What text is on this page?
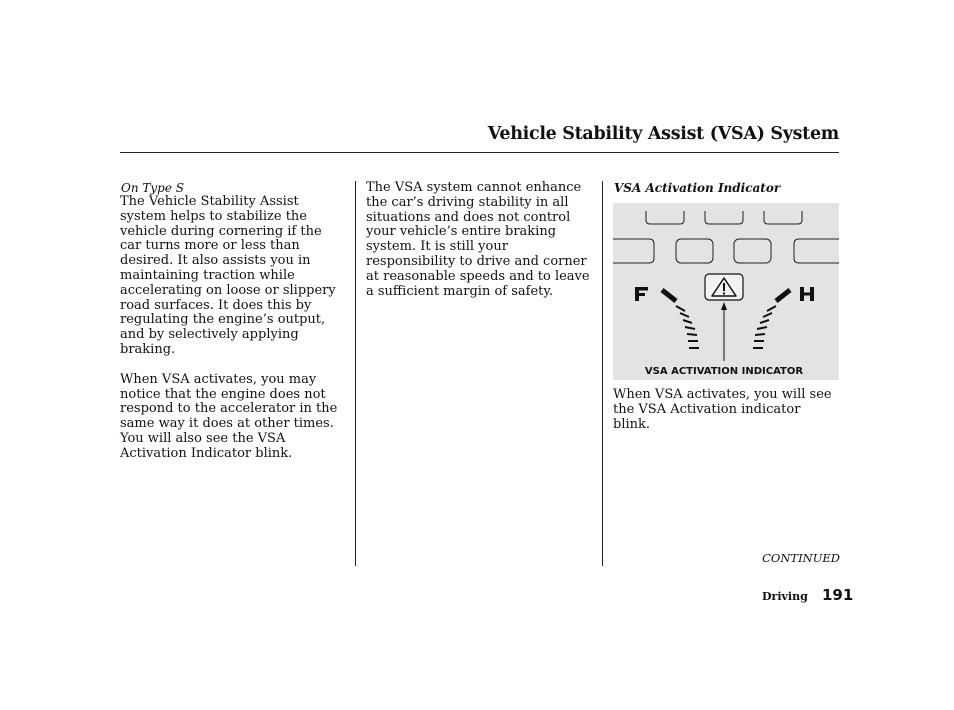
Vehicle Stability Assist (VSA) System

On Type S

The Vehicle Stability Assist system helps to stabilize the vehicle during cornering if the car turns more or less than desired. It also assists you in maintaining traction while accelerating on loose or slippery road surfaces. It does this by regulating the engine’s output, and by selectively applying braking.

When VSA activates, you may notice that the engine does not respond to the accelerator in the same way it does at other times. You will also see the VSA Activation Indicator blink.

The VSA system cannot enhance the car’s driving stability in all situations and does not control your vehicle’s entire braking system. It is still your responsibility to drive and corner at reasonable speeds and to leave a sufficient margin of safety.

VSA Activation Indicator
VSA ACTIVATION INDICATOR
When VSA activates, you will see the VSA Activation indicator blink.
CONTINUED
Driving 191
